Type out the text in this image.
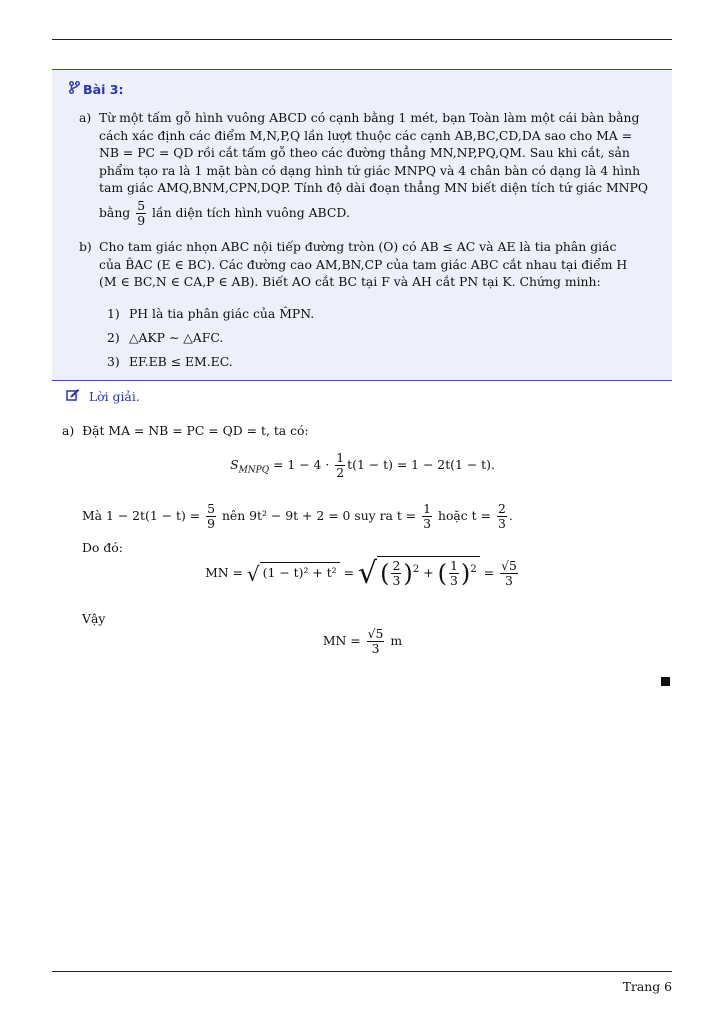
Bài 3:
a) Từ một tấm gỗ hình vuông ABCD có cạnh bằng 1 mét, bạn Toàn làm một cái bàn bằng
cách xác định các điểm M,N,P,Q lần lượt thuộc các cạnh AB,BC,CD,DA sao cho MA =
NB = PC = QD rồi cắt tấm gỗ theo các đường thẳng MN,NP,PQ,QM. Sau khi cắt, sản
phẩm tạo ra là 1 mặt bàn có dạng hình tứ giác MNPQ và 4 chân bàn có dạng là 4 hình
tam giác AMQ,BNM,CPN,DQP. Tính độ dài đoạn thẳng MN biết diện tích tứ giác MNPQ
bằng $\frac{5}{9}$ lần diện tích hình vuông ABCD.
b) Cho tam giác nhọn ABC nội tiếp đường tròn (O) có AB ≤ AC và AE là tia phân giác
của B̂AC (E ∈ BC). Các đường cao AM,BN,CP của tam giác ABC cắt nhau tại điểm H
(M ∈ BC,N ∈ CA,P ∈ AB). Biết AO cắt BC tại F và AH cắt PN tại K. Chứng minh:
1) PH là tia phân giác của M̂PN.
2) △AKP ∼ △AFC.
3) EF.EB ≤ EM.EC.
Lời giải.
a) Đặt MA = NB = PC = QD = t, ta có:
$S_{MNPQ} = 1 - 4 \cdot \frac{1}{2} t(1 - t) = 1 - 2t(1 - t)$.
Mà $1 - 2t(1 - t) = \frac{5}{9}$ nên 9t² − 9t + 2 = 0 suy ra $t = \frac{1}{3}$ hoặc $t = \frac{2}{3}$ .
Do đó:
MN = √ (1 − t)² + t² = √ ( $\frac{2}{3} )^2$ + ( $\frac{1}{3} )^2 = \frac{√5}{3}$
Vậy
MN = $\frac{√5}{3}$ m
Trang 6
